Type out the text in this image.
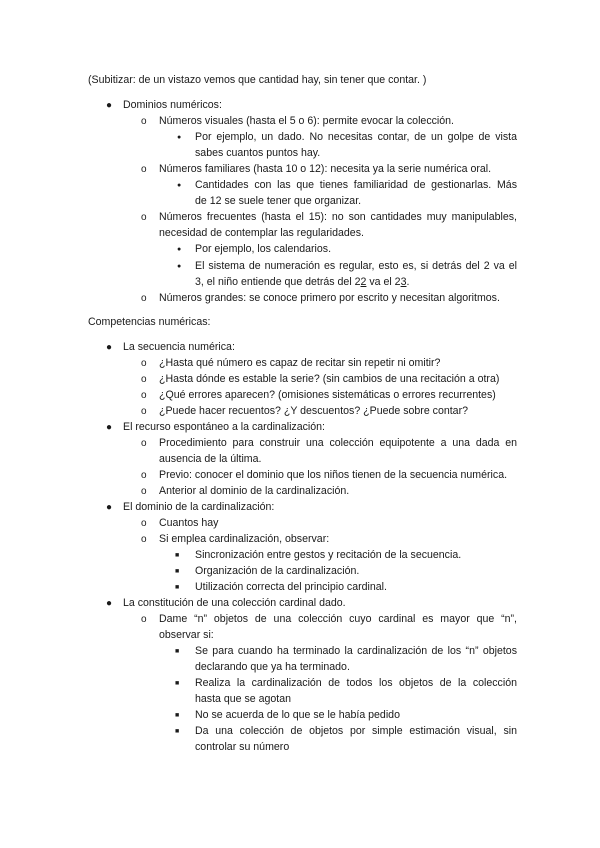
(Subitizar: de un vistazo vemos que cantidad hay, sin tener que contar. )
● Dominios numéricos:
o Números visuales (hasta el 5 o 6): permite evocar la colección.
● Por ejemplo, un dado. No necesitas contar, de un golpe de vista
sabes cuantos puntos hay.
o Números familiares (hasta 10 o 12): necesita ya la serie numérica oral.
● Cantidades con las que tienes familiaridad de gestionarlas. Más
de 12 se suele tener que organizar.
o Números frecuentes (hasta el 15): no son cantidades muy manipulables,
necesidad de contemplar las regularidades.
● Por ejemplo, los calendarios.
● El sistema de numeración es regular, esto es, si detrás del 2 va el
3, el niño entiende que detrás del 22 va el 23.
o Números grandes: se conoce primero por escrito y necesitan algoritmos.
Competencias numéricas:
● La secuencia numérica:
o ¿Hasta qué número es capaz de recitar sin repetir ni omitir?
o ¿Hasta dónde es estable la serie? (sin cambios de una recitación a otra)
o ¿Qué errores aparecen? (omisiones sistemáticas o errores recurrentes)
o ¿Puede hacer recuentos? ¿Y descuentos? ¿Puede sobre contar?
● El recurso espontáneo a la cardinalización:
o Procedimiento para construir una colección equipotente a una dada en
ausencia de la última.
o Previo: conocer el dominio que los niños tienen de la secuencia numérica.
o Anterior al dominio de la cardinalización.
● El dominio de la cardinalización:
o Cuantos hay
o Si emplea cardinalización, observar:
■ Sincronización entre gestos y recitación de la secuencia.
■ Organización de la cardinalización.
■ Utilización correcta del principio cardinal.
● La constitución de una colección cardinal dado.
o Dame “n” objetos de una colección cuyo cardinal es mayor que “n”,
observar si:
■ Se para cuando ha terminado la cardinalización de los “n” objetos
declarando que ya ha terminado.
■ Realiza la cardinalización de todos los objetos de la colección
hasta que se agotan
■ No se acuerda de lo que se le había pedido
■ Da una colección de objetos por simple estimación visual, sin
controlar su número
